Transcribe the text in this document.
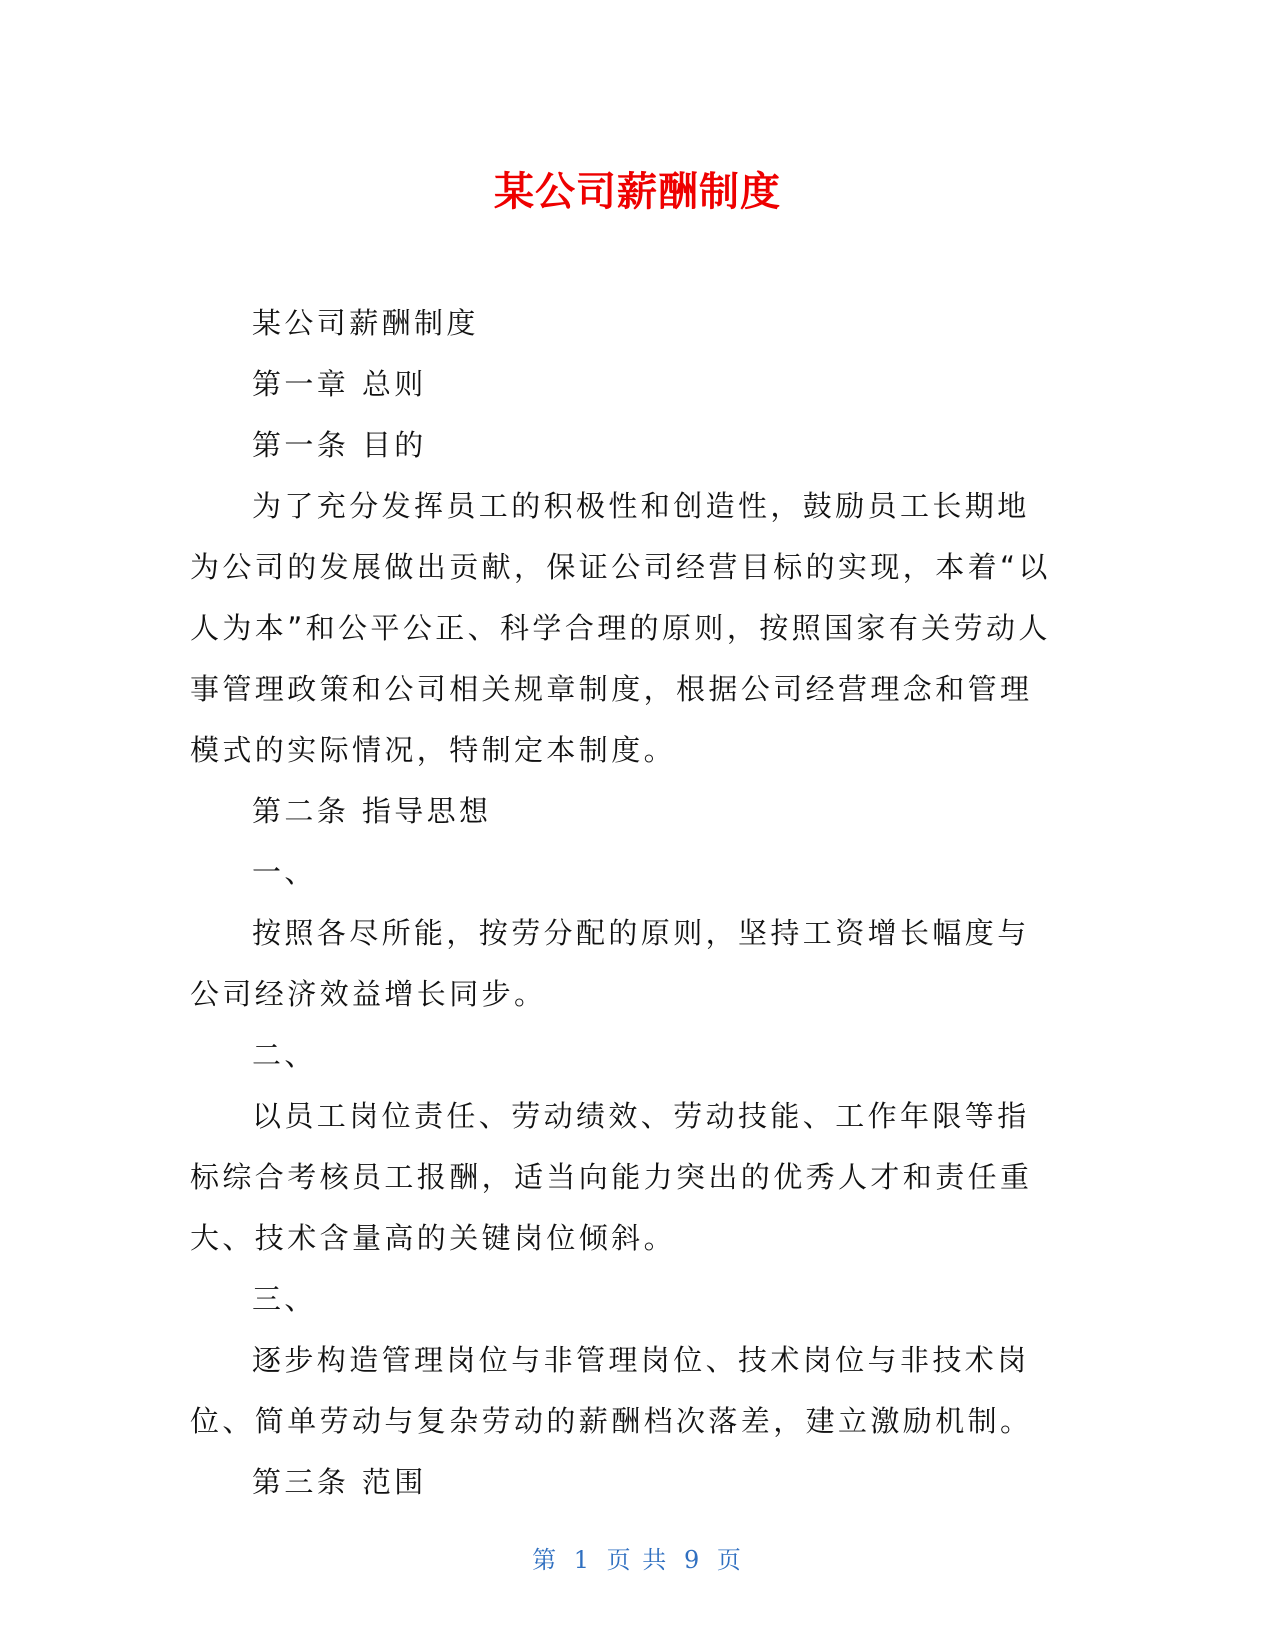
某公司薪酬制度

某公司薪酬制度

第一章 总则

第一条 目的

为了充分发挥员工的积极性和创造性，鼓励员工长期地为公司的发展做出贡献，保证公司经营目标的实现，本着“以人为本”和公平公正、科学合理的原则，按照国家有关劳动人事管理政策和公司相关规章制度，根据公司经营理念和管理模式的实际情况，特制定本制度。

第二条 指导思想

一、

按照各尽所能，按劳分配的原则，坚持工资增长幅度与公司经济效益增长同步。

二、

以员工岗位责任、劳动绩效、劳动技能、工作年限等指标综合考核员工报酬，适当向能力突出的优秀人才和责任重大、技术含量高的关键岗位倾斜。

三、

逐步构造管理岗位与非管理岗位、技术岗位与非技术岗位、简单劳动与复杂劳动的薪酬档次落差，建立激励机制。

第三条 范围

第 1 页 共 9 页
